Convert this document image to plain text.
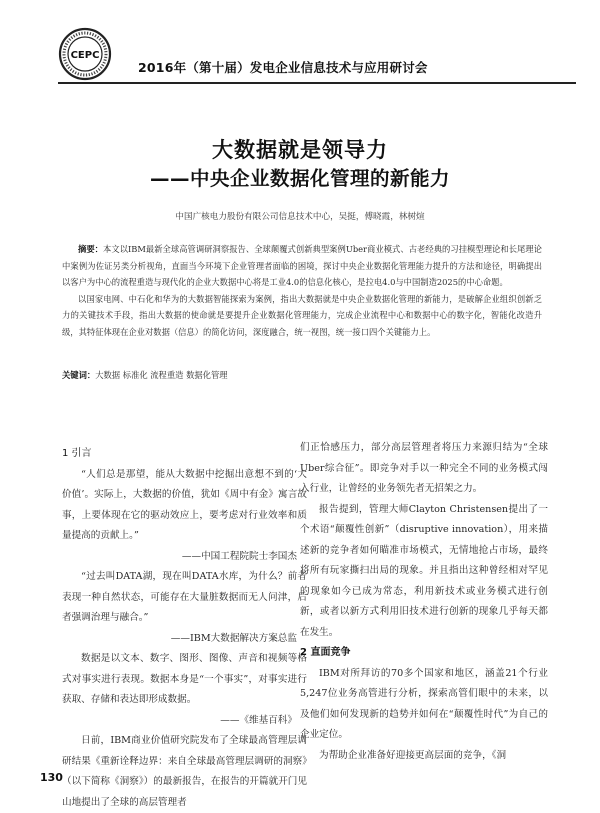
CEPC
2016年（第十届）发电企业信息技术与应用研讨会
大数据就是领导力
——中央企业数据化管理的新能力
中国广核电力股份有限公司信息技术中心，吴挺，傅晓霞，林树煊

摘要：本文以IBM最新全球高管调研洞察报告、全球颠覆式创新典型案例Uber商业模式、古老经典的习挂模型理论和长尾理论中案例为佐证另类分析视角，直面当今环境下企业管理者面临的困境，探讨中央企业数据化管理能力提升的方法和途径，明确提出以客户为中心的流程重造与现代化的企业大数据中心将是工业4.0的信息化核心，是拉电4.0与中国制造2025的中心命题。

以国家电网、中石化和华为的大数据智能探索为案例，指出大数据就是中央企业数据化管理的新能力，是破解企业组织创新乏力的关键技术手段，指出大数据的使命就是要提升企业数据化管理能力，完成企业流程中心和数据中心的数字化，智能化改造升级，其特征体现在企业对数据（信息）的简化访问，深度融合，统一视图，统一接口四个关键能力上。

关键词：大数据 标准化 流程重造 数据化管理

1 引言

“人们总是那望，能从大数据中挖掘出意想不到的‘大价值’。实际上，大数据的价值，犹如《周中有金》寓言故事，上要体现在它的驱动效应上，要考虑对行业效率和质量提高的贡献上。”

——中国工程院院士李国杰

“过去叫DATA湖，现在叫DATA水库，为什么？前者表现一种自然状态，可能存在大量脏数据而无人问津，后者强调治理与融合。”

——IBM大数据解决方案总监

数据是以文本、数字、图形、图像、声音和视频等格式对事实进行表现。数据本身是“一个事实”，对事实进行获取、存储和表达即形成数据。

——《维基百科》

日前，IBM商业价值研究院发布了全球最高管理层调研结果《重新诠释边界：来自全球最高管理层调研的洞察》（以下简称《洞察》）的最新报告，在报告的开篇就开门见山地提出了全球的高层管理者

们正恰感压力，部分高层管理者将压力来源归结为“全球Uber综合征”。即竞争对手以一种完全不同的业务模式闯入行业，让曾经的业务领先者无招架之力。

报告提到，管理大师Clayton Christensen提出了一个术语“颠覆性创新”（disruptive innovation），用来描述新的竞争者如何瞄准市场模式，无情地抢占市场，最终将所有玩家撕扫出局的现象。并且指出这种曾经相对罕见的现象如今已成为常态，利用新技术或业务模式进行创新，或者以新方式利用旧技术进行创新的现象几乎每天都在发生。

2 直面竞争

IBM对所拜访的70多个国家和地区，涵盖21个行业5,247位业务高管进行分析，探索高管们眼中的未来，以及他们如何发现新的趋势并如何在“颠覆性时代”为自己的企业定位。

为帮助企业准备好迎接更高层面的竞争，《洞

130
